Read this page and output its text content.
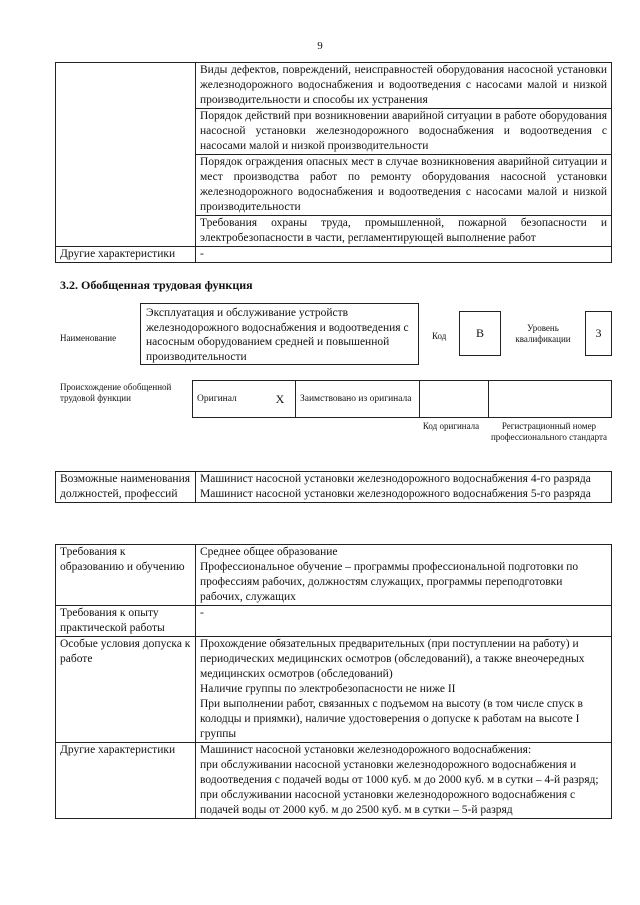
9
	Виды дефектов, повреждений, неисправностей оборудования насосной установки железнодорожного водоснабжения и водоотведения с насосами малой и низкой производительности и способы их устранения
	Порядок действий при возникновении аварийной ситуации в работе оборудования насосной установки железнодорожного водоснабжения и водоотведения с насосами малой и низкой производительности
	Порядок ограждения опасных мест в случае возникновения аварийной ситуации и мест производства работ по ремонту оборудования насосной установки железнодорожного водоснабжения и водоотведения с насосами малой и низкой производительности
	Требования охраны труда, промышленной, пожарной безопасности и электробезопасности в части, регламентирующей выполнение работ
Другие характеристики	-
3.2. Обобщенная трудовая функция
Наименование
Эксплуатация и обслуживание устройств железнодорожного водоснабжения и водоотведения с насосным оборудованием средней и повышенной производительности
Код	B	Уровень квалификации	3
Происхождение обобщенной трудовой функции	Оригинал	X	Заимствовано из оригинала		
Код оригинала	Регистрационный номер профессионального стандарта
Возможные наименования должностей, профессий	
Машинист насосной установки железнодорожного водоснабжения 4-го разряда
Машинист насосной установки железнодорожного водоснабжения 5-го разряда
Требования к образованию и обучению	Среднее общее образование
Профессиональное обучение – программы профессиональной подготовки по профессиям рабочих, должностям служащих, программы переподготовки рабочих, служащих

Требования к опыту практической работы	-

Особые условия допуска к работе	Прохождение обязательных предварительных (при поступлении на работу) и периодических медицинских осмотров (обследований), а также внеочередных медицинских осмотров (обследований)
Наличие группы по электробезопасности не ниже II
При выполнении работ, связанных с подъемом на высоту (в том числе спуск в колодцы и приямки), наличие удостоверения о допуске к работам на высоте I группы

Другие характеристики	Машинист насосной установки железнодорожного водоснабжения:
при обслуживании насосной установки железнодорожного водоснабжения и водоотведения с подачей воды от 1000 куб. м до 2000 куб. м в сутки – 4-й разряд;
при обслуживании насосной установки железнодорожного водоснабжения с подачей воды от 2000 куб. м до 2500 куб. м в сутки – 5-й разряд
